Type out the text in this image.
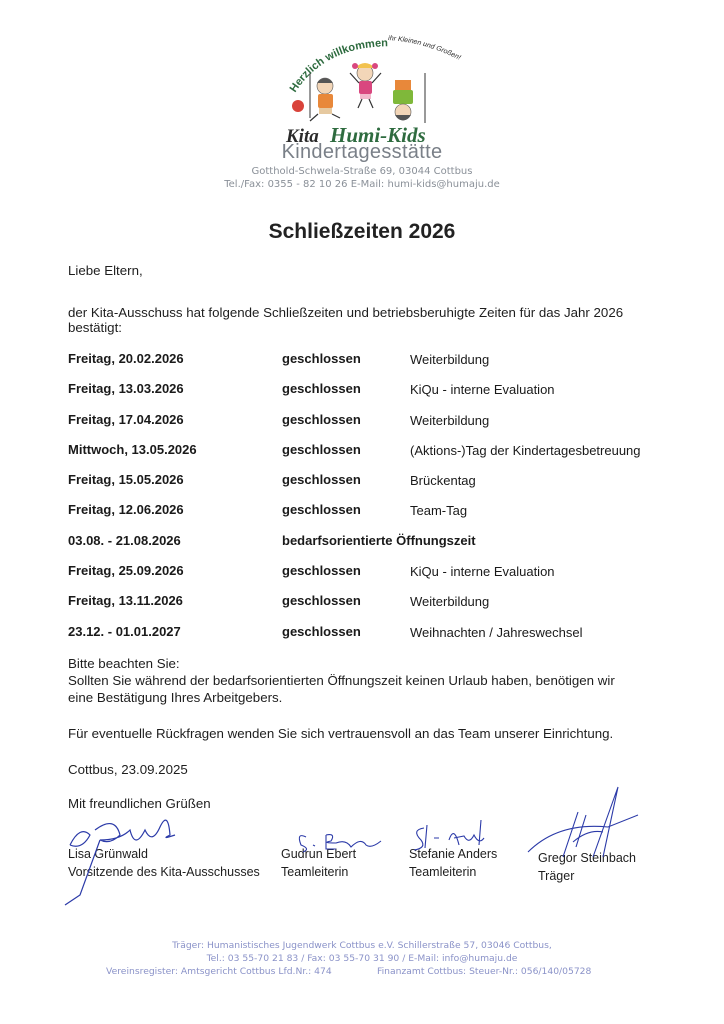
Herzlich willkommen ihr Kleinen und Großen!
Kita Humi-Kids
Kindertagesstätte
Gotthold-Schwela-Straße 69, 03044 Cottbus
Tel./Fax: 0355 - 82 10 26 E-Mail: humi-kids@humaju.de
Schließzeiten 2026
Liebe Eltern,
der Kita-Ausschuss hat folgende Schließzeiten und betriebsberuhigte Zeiten für das Jahr 2026
bestätigt:
Freitag, 20.02.2026	geschlossen	Weiterbildung
Freitag, 13.03.2026	geschlossen	KiQu - interne Evaluation
Freitag, 17.04.2026	geschlossen	Weiterbildung
Mittwoch, 13.05.2026	geschlossen	(Aktions-)Tag der Kindertagesbetreuung
Freitag, 15.05.2026	geschlossen	Brückentag
Freitag, 12.06.2026	geschlossen	Team-Tag
03.08. - 21.08.2026	bedarfsorientierte Öffnungszeit
Freitag, 25.09.2026	geschlossen	KiQu - interne Evaluation
Freitag, 13.11.2026	geschlossen	Weiterbildung
23.12. - 01.01.2027	geschlossen	Weihnachten / Jahreswechsel
Bitte beachten Sie:
Sollten Sie während der bedarfsorientierten Öffnungszeit keinen Urlaub haben, benötigen wir
eine Bestätigung Ihres Arbeitgebers.
Für eventuelle Rückfragen wenden Sie sich vertrauensvoll an das Team unserer Einrichtung.
Cottbus, 23.09.2025
Mit freundlichen Grüßen
Lisa Grünwald
Vorsitzende des Kita-Ausschusses
Gudrun Ebert
Teamleiterin
Stefanie Anders
Teamleiterin
Gregor Steinbach
Träger
Träger: Humanistisches Jugendwerk Cottbus e.V. Schillerstraße 57, 03046 Cottbus,
Tel.: 03 55-70 21 83 / Fax: 03 55-70 31 90 / E-Mail: info@humaju.de
Vereinsregister: Amtsgericht Cottbus Lfd.Nr.: 474	Finanzamt Cottbus: Steuer-Nr.: 056/140/05728
